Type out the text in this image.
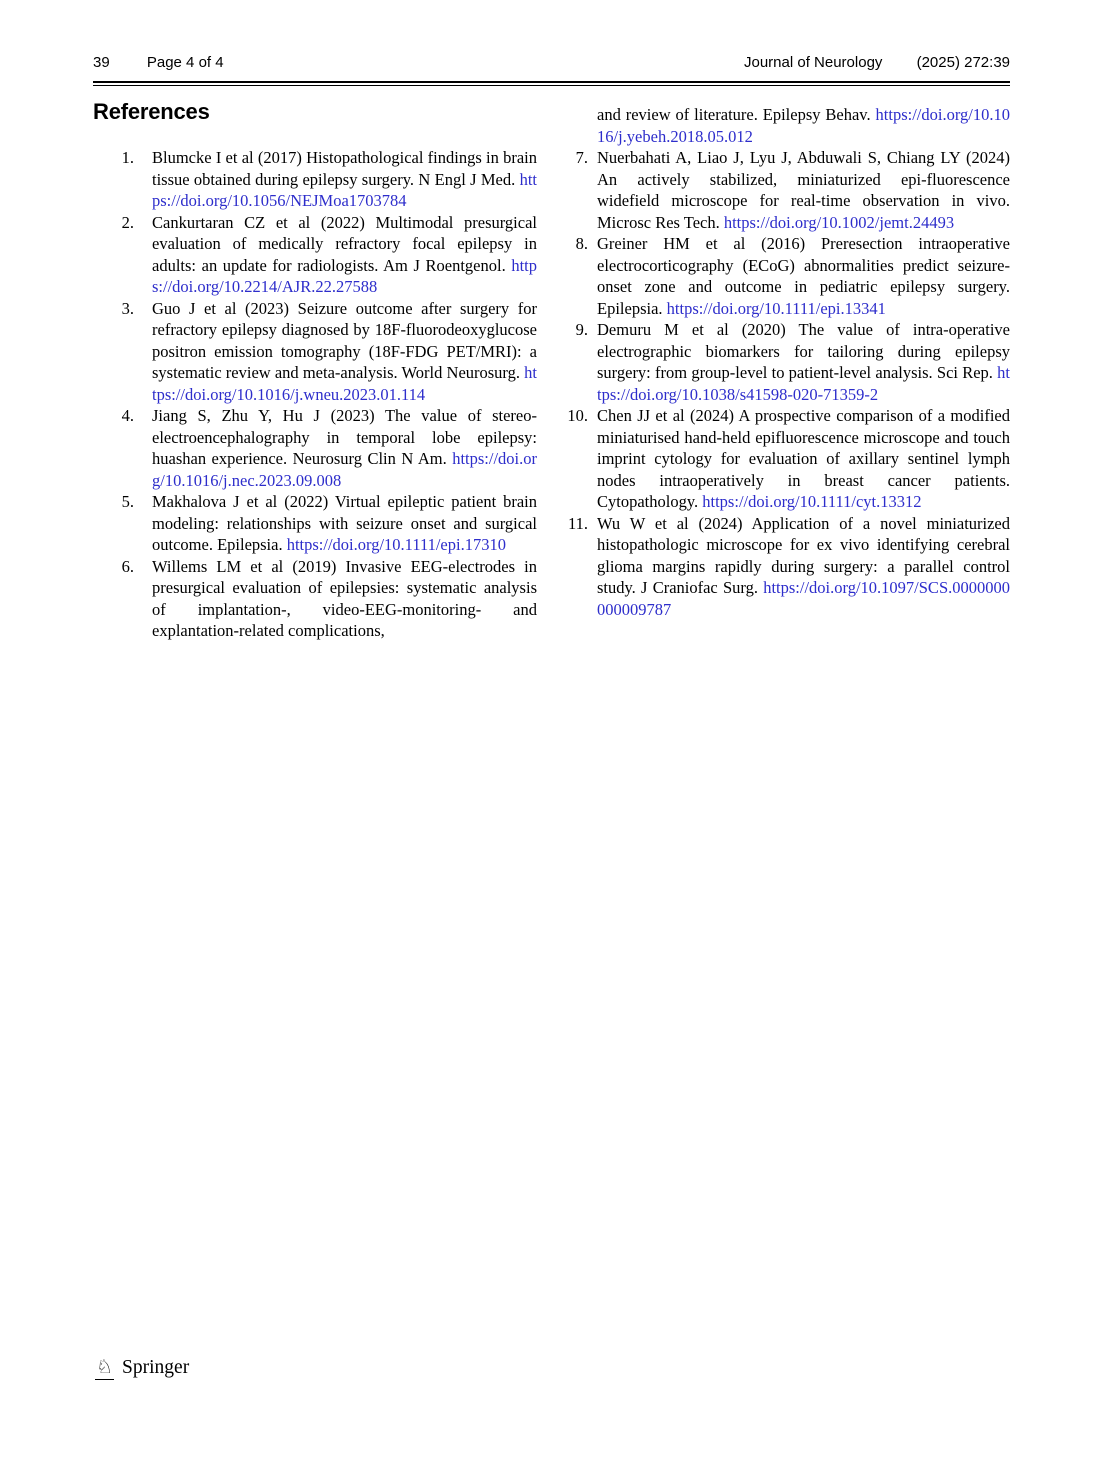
39 Page 4 of 4	Journal of Neurology (2025) 272:39
References
1.	Blumcke I et al (2017) Histopathological findings in brain tissue obtained during epilepsy surgery. N Engl J Med. https://doi.org/10.1056/NEJMoa1703784

2.	Cankurtaran CZ et al (2022) Multimodal presurgical evaluation of medically refractory focal epilepsy in adults: an update for radiologists. Am J Roentgenol. https://doi.org/10.2214/AJR.22.27588

3.	Guo J et al (2023) Seizure outcome after surgery for refractory epilepsy diagnosed by 18F-fluorodeoxyglucose positron emission tomography (18F-FDG PET/MRI): a systematic review and meta-analysis. World Neurosurg. https://doi.org/10.1016/j.wneu.2023.01.114

4.	Jiang S, Zhu Y, Hu J (2023) The value of stereo-electroencephalography in temporal lobe epilepsy: huashan experience. Neurosurg Clin N Am. https://doi.org/10.1016/j.nec.2023.09.008

5.	Makhalova J et al (2022) Virtual epileptic patient brain modeling: relationships with seizure onset and surgical outcome. Epilepsia. https://doi.org/10.1111/epi.17310

6.	Willems LM et al (2019) Invasive EEG-electrodes in presurgical evaluation of epilepsies: systematic analysis of implantation-, video-EEG-monitoring- and explantation-related complications,

and review of literature. Epilepsy Behav. https://doi.org/10.1016/j.yebeh.2018.05.012

7. Nuerbahati A, Liao J, Lyu J, Abduwali S, Chiang LY (2024) An actively stabilized, miniaturized epi-fluorescence widefield microscope for real-time observation in vivo. Microsc Res Tech. https://doi.org/10.1002/jemt.24493

8. Greiner HM et al (2016) Preresection intraoperative electrocorticography (ECoG) abnormalities predict seizure-onset zone and outcome in pediatric epilepsy surgery. Epilepsia. https://doi.org/10.1111/epi.13341

9. Demuru M et al (2020) The value of intra-operative electrographic biomarkers for tailoring during epilepsy surgery: from group-level to patient-level analysis. Sci Rep. https://doi.org/10.1038/s41598-020-71359-2

10. Chen JJ et al (2024) A prospective comparison of a modified miniaturised hand-held epifluorescence microscope and touch imprint cytology for evaluation of axillary sentinel lymph nodes intraoperatively in breast cancer patients. Cytopathology. https://doi.org/10.1111/cyt.13312

11. Wu W et al (2024) Application of a novel miniaturized histopathologic microscope for ex vivo identifying cerebral glioma margins rapidly during surgery: a parallel control study. J Craniofac Surg. https://doi.org/10.1097/SCS.0000000000009787

♘ Springer
